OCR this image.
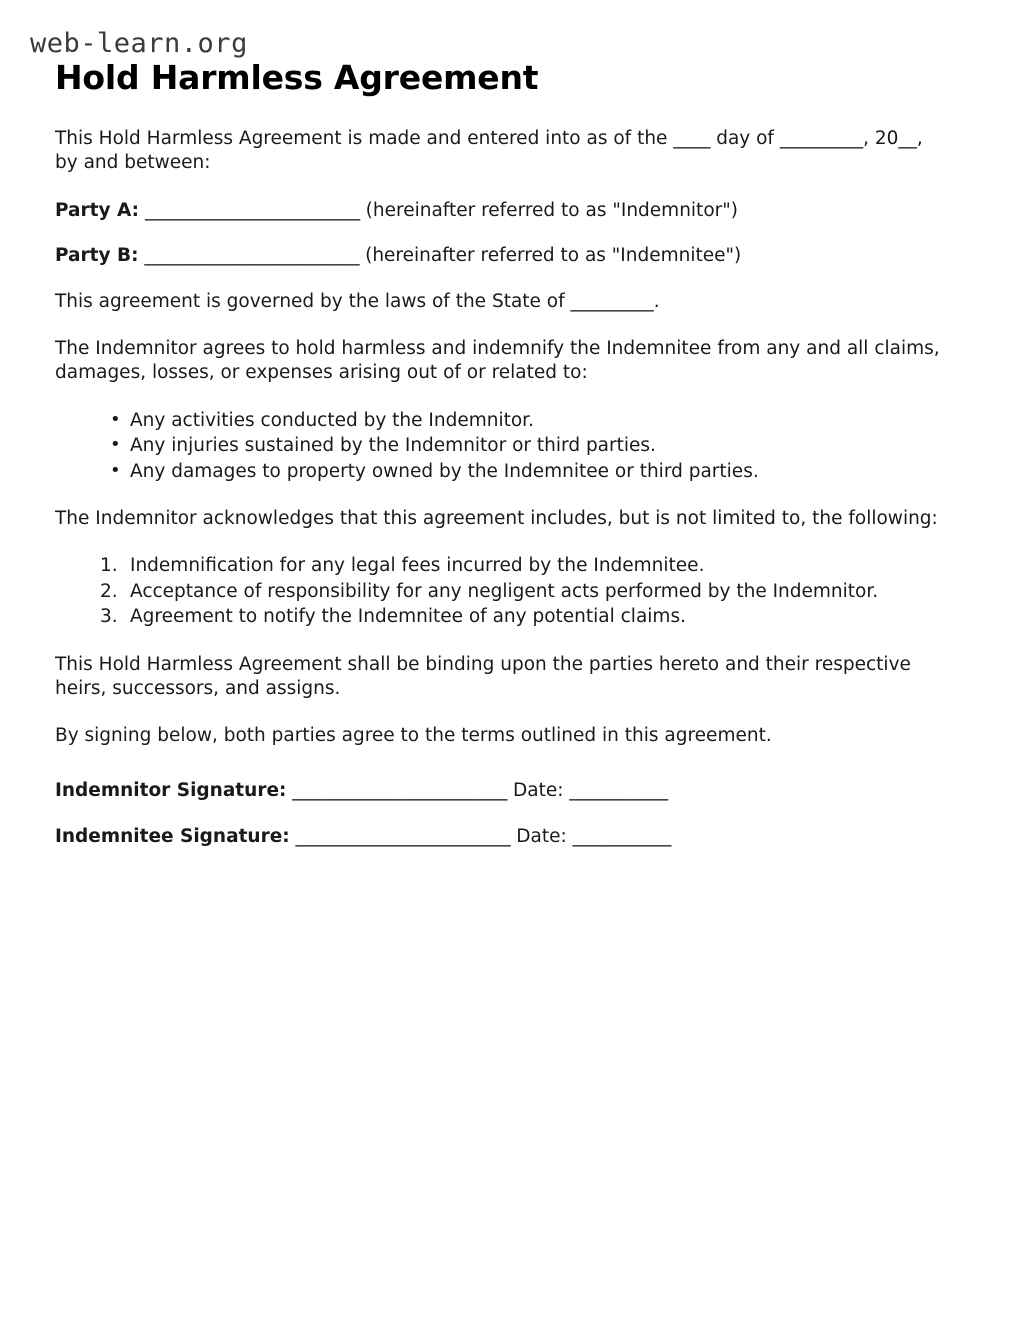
web-learn.org
Hold Harmless Agreement

This Hold Harmless Agreement is made and entered into as of the ____ day of _________, 20__, by and between:

Party A: ________________________ (hereinafter referred to as "Indemnitor")

Party B: ________________________ (hereinafter referred to as "Indemnitee")

This agreement is governed by the laws of the State of _________.

The Indemnitor agrees to hold harmless and indemnify the Indemnitee from any and all claims, damages, losses, or expenses arising out of or related to:

• Any activities conducted by the Indemnitor.
• Any injuries sustained by the Indemnitor or third parties.
• Any damages to property owned by the Indemnitee or third parties.

The Indemnitor acknowledges that this agreement includes, but is not limited to, the following:

Indemnification for any legal fees incurred by the Indemnitee.
Acceptance of responsibility for any negligent acts performed by the Indemnitor.
Agreement to notify the Indemnitee of any potential claims.

This Hold Harmless Agreement shall be binding upon the parties hereto and their respective heirs, successors, and assigns.

By signing below, both parties agree to the terms outlined in this agreement.

Indemnitor Signature: ________________________ Date: ___________
Indemnitee Signature: ________________________ Date: ___________
